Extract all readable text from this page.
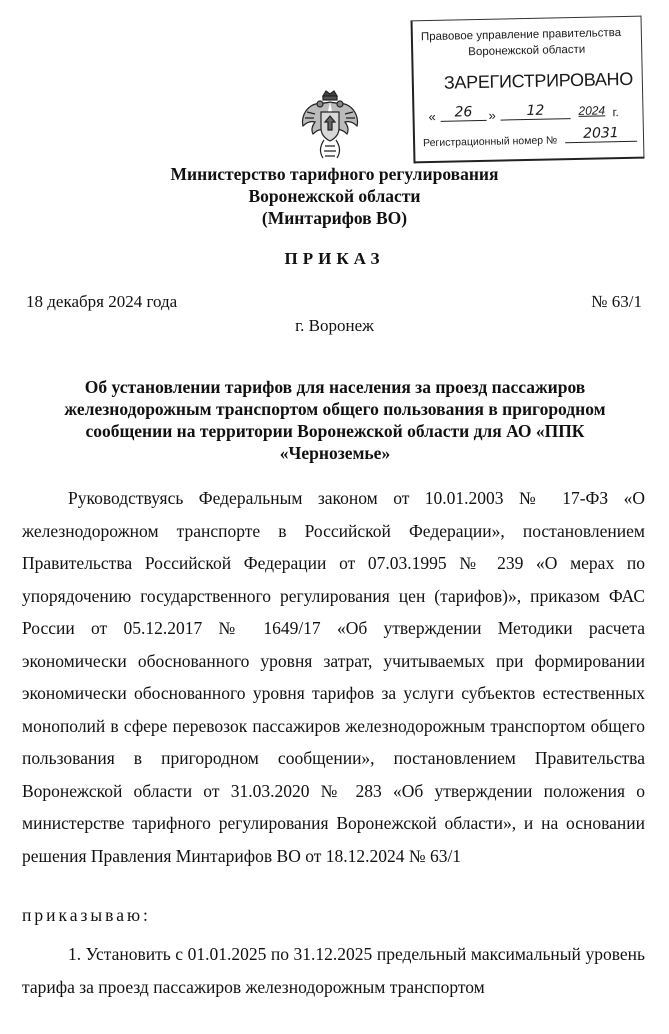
Правовое управление правительства
Воронежской области
ЗАРЕГИСТРИРОВАНО
«	26	»	12	2024 г.
Регистрационный номер №	2031
Министерство тарифного регулирования
Воронежской области
(Минтарифов ВО)
ПРИКАЗ
18 декабря 2024 года	№ 63/1
г. Воронеж
Об установлении тарифов для населения за проезд пассажиров железнодорожным транспортом общего пользования в пригородном сообщении на территории Воронежской области для АО «ППК «Черноземье»
Руководствуясь Федеральным законом от 10.01.2003 № 17-ФЗ «О железнодорожном транспорте в Российской Федерации», постановлением Правительства Российской Федерации от 07.03.1995 № 239 «О мерах по упорядочению государственного регулирования цен (тарифов)», приказом ФАС России от 05.12.2017 № 1649/17 «Об утверждении Методики расчета экономически обоснованного уровня затрат, учитываемых при формировании экономически обоснованного уровня тарифов за услуги субъектов естественных монополий в сфере перевозок пассажиров железнодорожным транспортом общего пользования в пригородном сообщении», постановлением Правительства Воронежской области от 31.03.2020 № 283 «Об утверждении положения о министерстве тарифного регулирования Воронежской области», и на основании решения Правления Минтарифов ВО от 18.12.2024 № 63/1
приказываю:
1. Установить с 01.01.2025 по 31.12.2025 предельный максимальный уровень тарифа за проезд пассажиров железнодорожным транспортом
